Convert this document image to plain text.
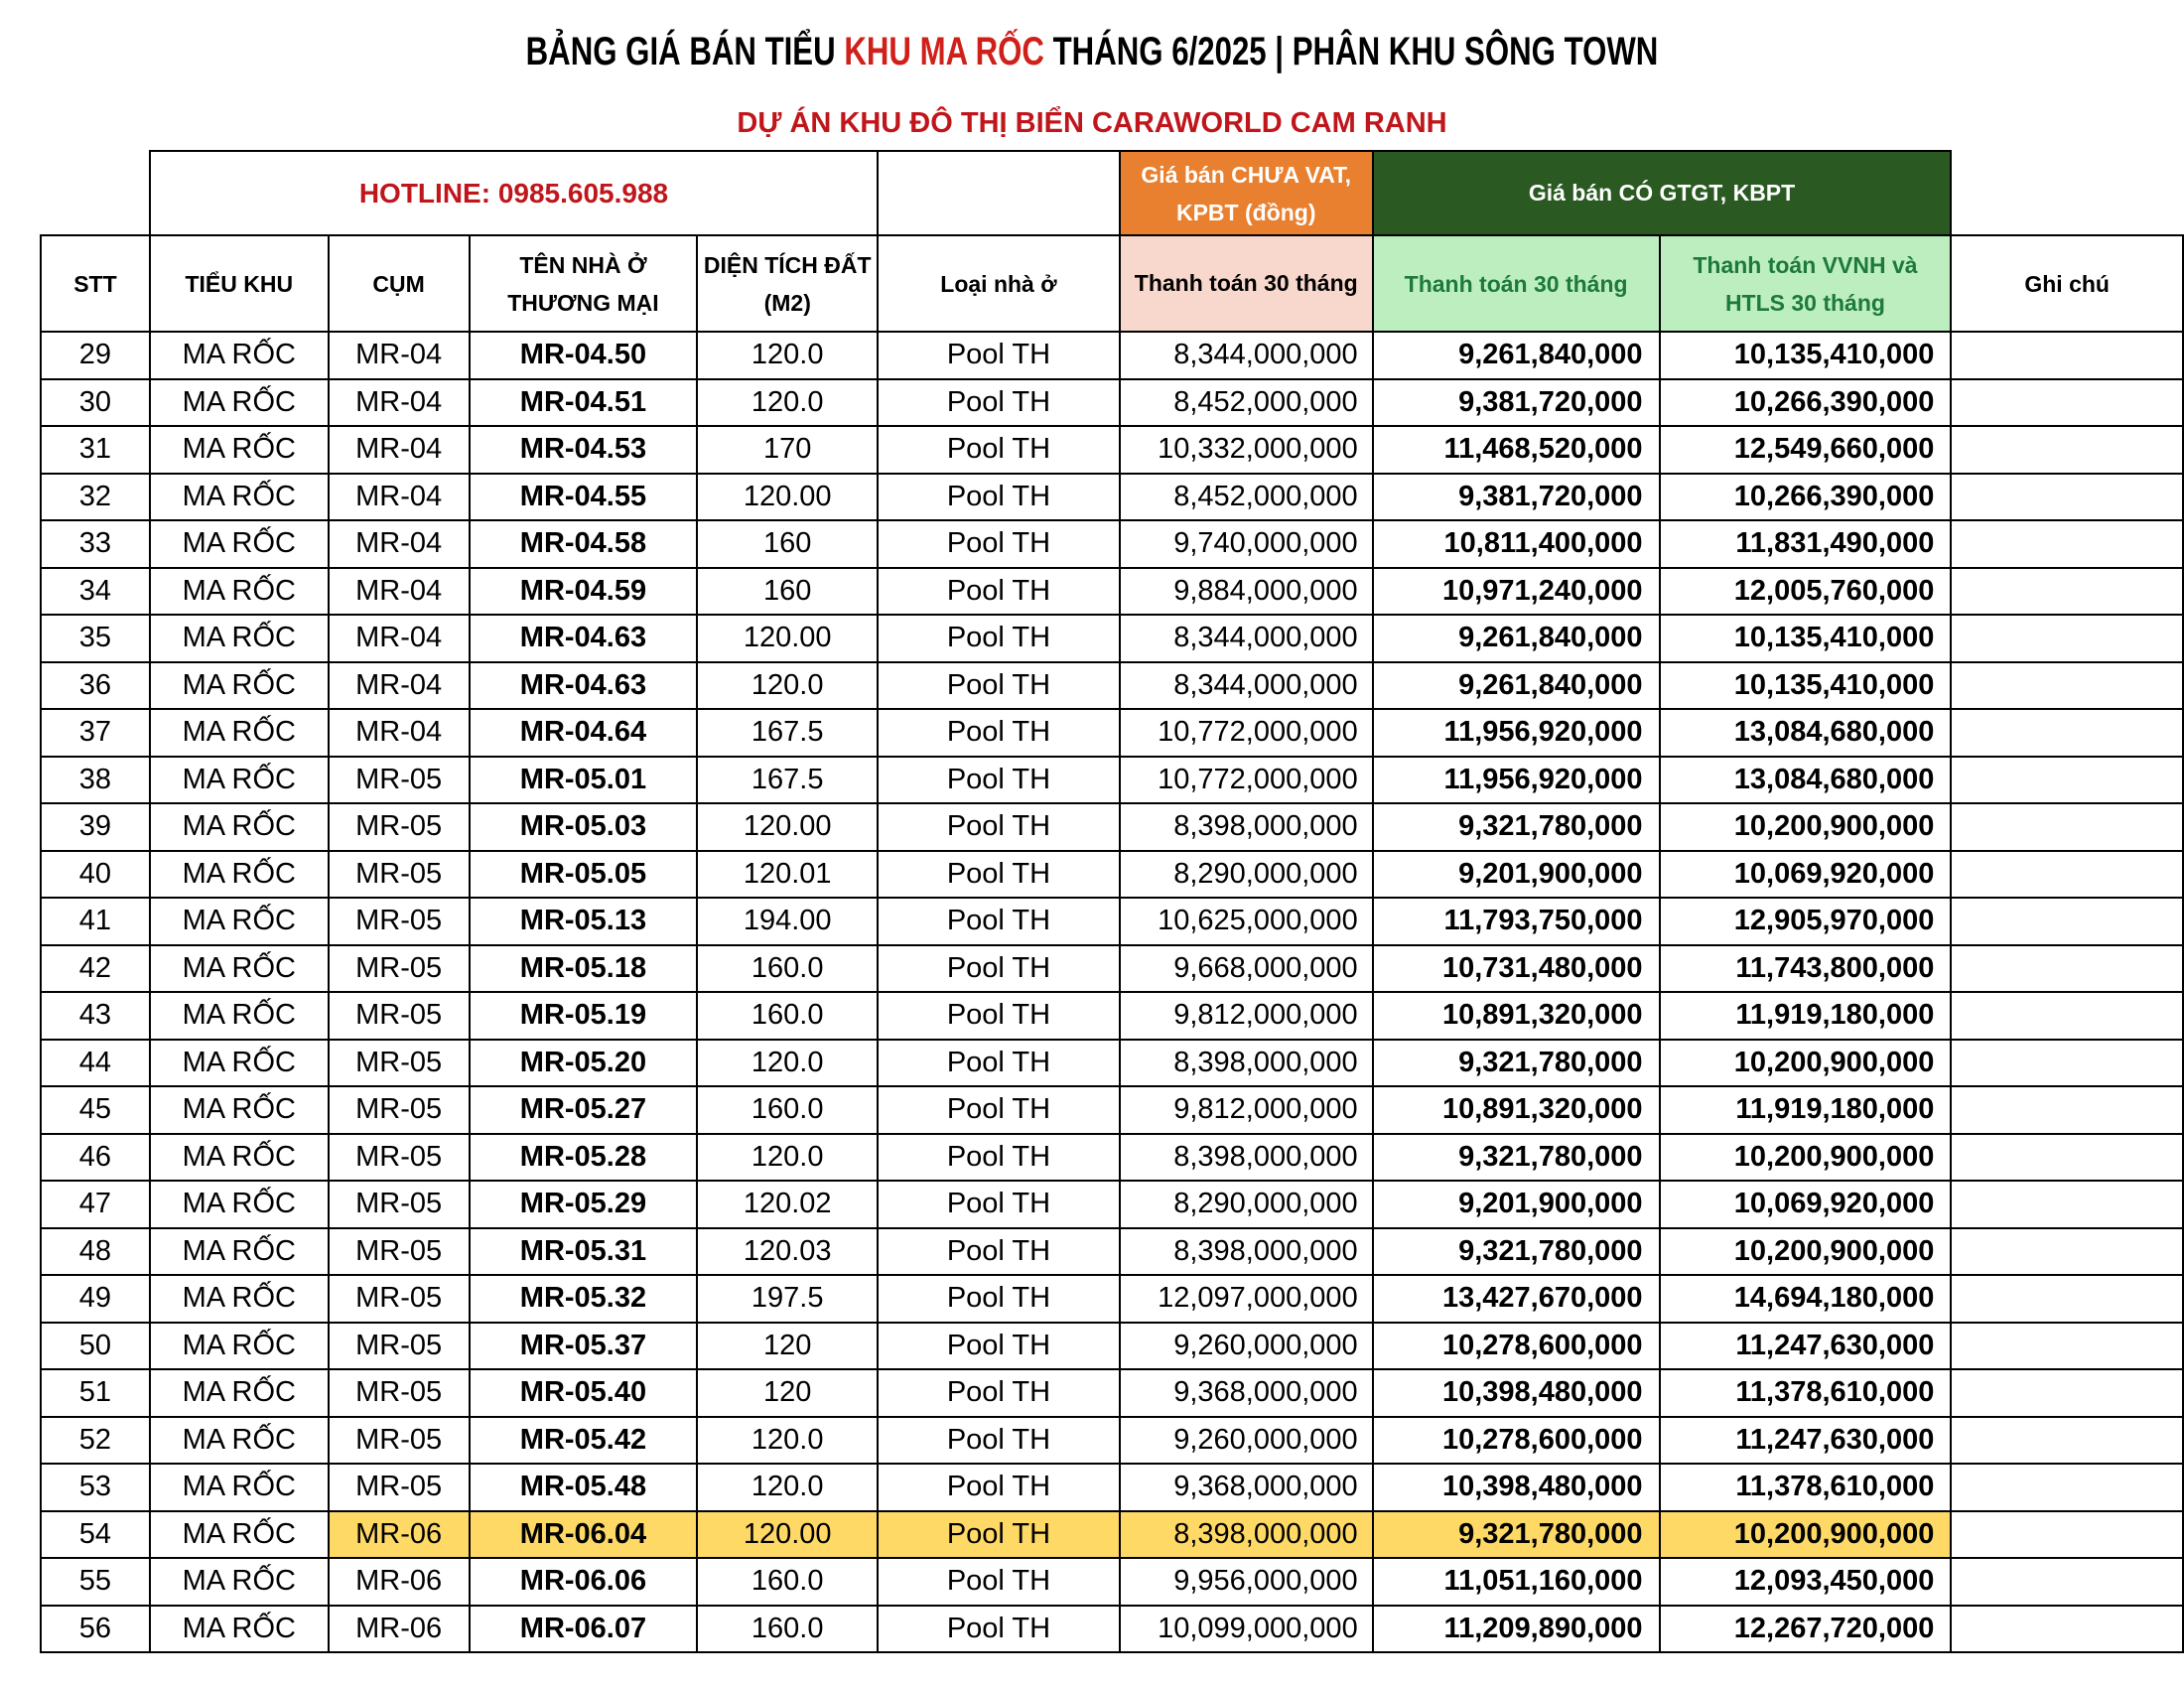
BẢNG GIÁ BÁN TIỂU KHU MA RỐC THÁNG 6/2025 | PHÂN KHU SÔNG TOWN
DỰ ÁN KHU ĐÔ THỊ BIỂN CARAWORLD CAM RANH
	HOTLINE: 0985.605.988					Giá bán CHƯA VAT, KPBT (đồng)	Giá bán CÓ GTGT, KBPT		
STT	TIỂU KHU	CỤM	TÊN NHÀ Ở THƯƠNG MẠI	DIỆN TÍCH ĐẤT (M2)	Loại nhà ở	Thanh toán 30 tháng	Thanh toán 30 tháng	Thanh toán VVNH và HTLS 30 tháng	Ghi chú
29	MA RỐC	MR-04	MR-04.50	120.0	Pool TH	8,344,000,000	9,261,840,000	10,135,410,000	
30	MA RỐC	MR-04	MR-04.51	120.0	Pool TH	8,452,000,000	9,381,720,000	10,266,390,000	
31	MA RỐC	MR-04	MR-04.53	170	Pool TH	10,332,000,000	11,468,520,000	12,549,660,000	
32	MA RỐC	MR-04	MR-04.55	120.00	Pool TH	8,452,000,000	9,381,720,000	10,266,390,000	
33	MA RỐC	MR-04	MR-04.58	160	Pool TH	9,740,000,000	10,811,400,000	11,831,490,000	
34	MA RỐC	MR-04	MR-04.59	160	Pool TH	9,884,000,000	10,971,240,000	12,005,760,000	
35	MA RỐC	MR-04	MR-04.63	120.00	Pool TH	8,344,000,000	9,261,840,000	10,135,410,000	
36	MA RỐC	MR-04	MR-04.63	120.0	Pool TH	8,344,000,000	9,261,840,000	10,135,410,000	
37	MA RỐC	MR-04	MR-04.64	167.5	Pool TH	10,772,000,000	11,956,920,000	13,084,680,000	
38	MA RỐC	MR-05	MR-05.01	167.5	Pool TH	10,772,000,000	11,956,920,000	13,084,680,000	
39	MA RỐC	MR-05	MR-05.03	120.00	Pool TH	8,398,000,000	9,321,780,000	10,200,900,000	
40	MA RỐC	MR-05	MR-05.05	120.01	Pool TH	8,290,000,000	9,201,900,000	10,069,920,000	
41	MA RỐC	MR-05	MR-05.13	194.00	Pool TH	10,625,000,000	11,793,750,000	12,905,970,000	
42	MA RỐC	MR-05	MR-05.18	160.0	Pool TH	9,668,000,000	10,731,480,000	11,743,800,000	
43	MA RỐC	MR-05	MR-05.19	160.0	Pool TH	9,812,000,000	10,891,320,000	11,919,180,000	
44	MA RỐC	MR-05	MR-05.20	120.0	Pool TH	8,398,000,000	9,321,780,000	10,200,900,000	
45	MA RỐC	MR-05	MR-05.27	160.0	Pool TH	9,812,000,000	10,891,320,000	11,919,180,000	
46	MA RỐC	MR-05	MR-05.28	120.0	Pool TH	8,398,000,000	9,321,780,000	10,200,900,000	
47	MA RỐC	MR-05	MR-05.29	120.02	Pool TH	8,290,000,000	9,201,900,000	10,069,920,000	
48	MA RỐC	MR-05	MR-05.31	120.03	Pool TH	8,398,000,000	9,321,780,000	10,200,900,000	
49	MA RỐC	MR-05	MR-05.32	197.5	Pool TH	12,097,000,000	13,427,670,000	14,694,180,000	
50	MA RỐC	MR-05	MR-05.37	120	Pool TH	9,260,000,000	10,278,600,000	11,247,630,000	
51	MA RỐC	MR-05	MR-05.40	120	Pool TH	9,368,000,000	10,398,480,000	11,378,610,000	
52	MA RỐC	MR-05	MR-05.42	120.0	Pool TH	9,260,000,000	10,278,600,000	11,247,630,000	
53	MA RỐC	MR-05	MR-05.48	120.0	Pool TH	9,368,000,000	10,398,480,000	11,378,610,000	
54	MA RỐC	MR-06	MR-06.04	120.00	Pool TH	8,398,000,000	9,321,780,000	10,200,900,000	
55	MA RỐC	MR-06	MR-06.06	160.0	Pool TH	9,956,000,000	11,051,160,000	12,093,450,000	
56	MA RỐC	MR-06	MR-06.07	160.0	Pool TH	10,099,000,000	11,209,890,000	12,267,720,000	
